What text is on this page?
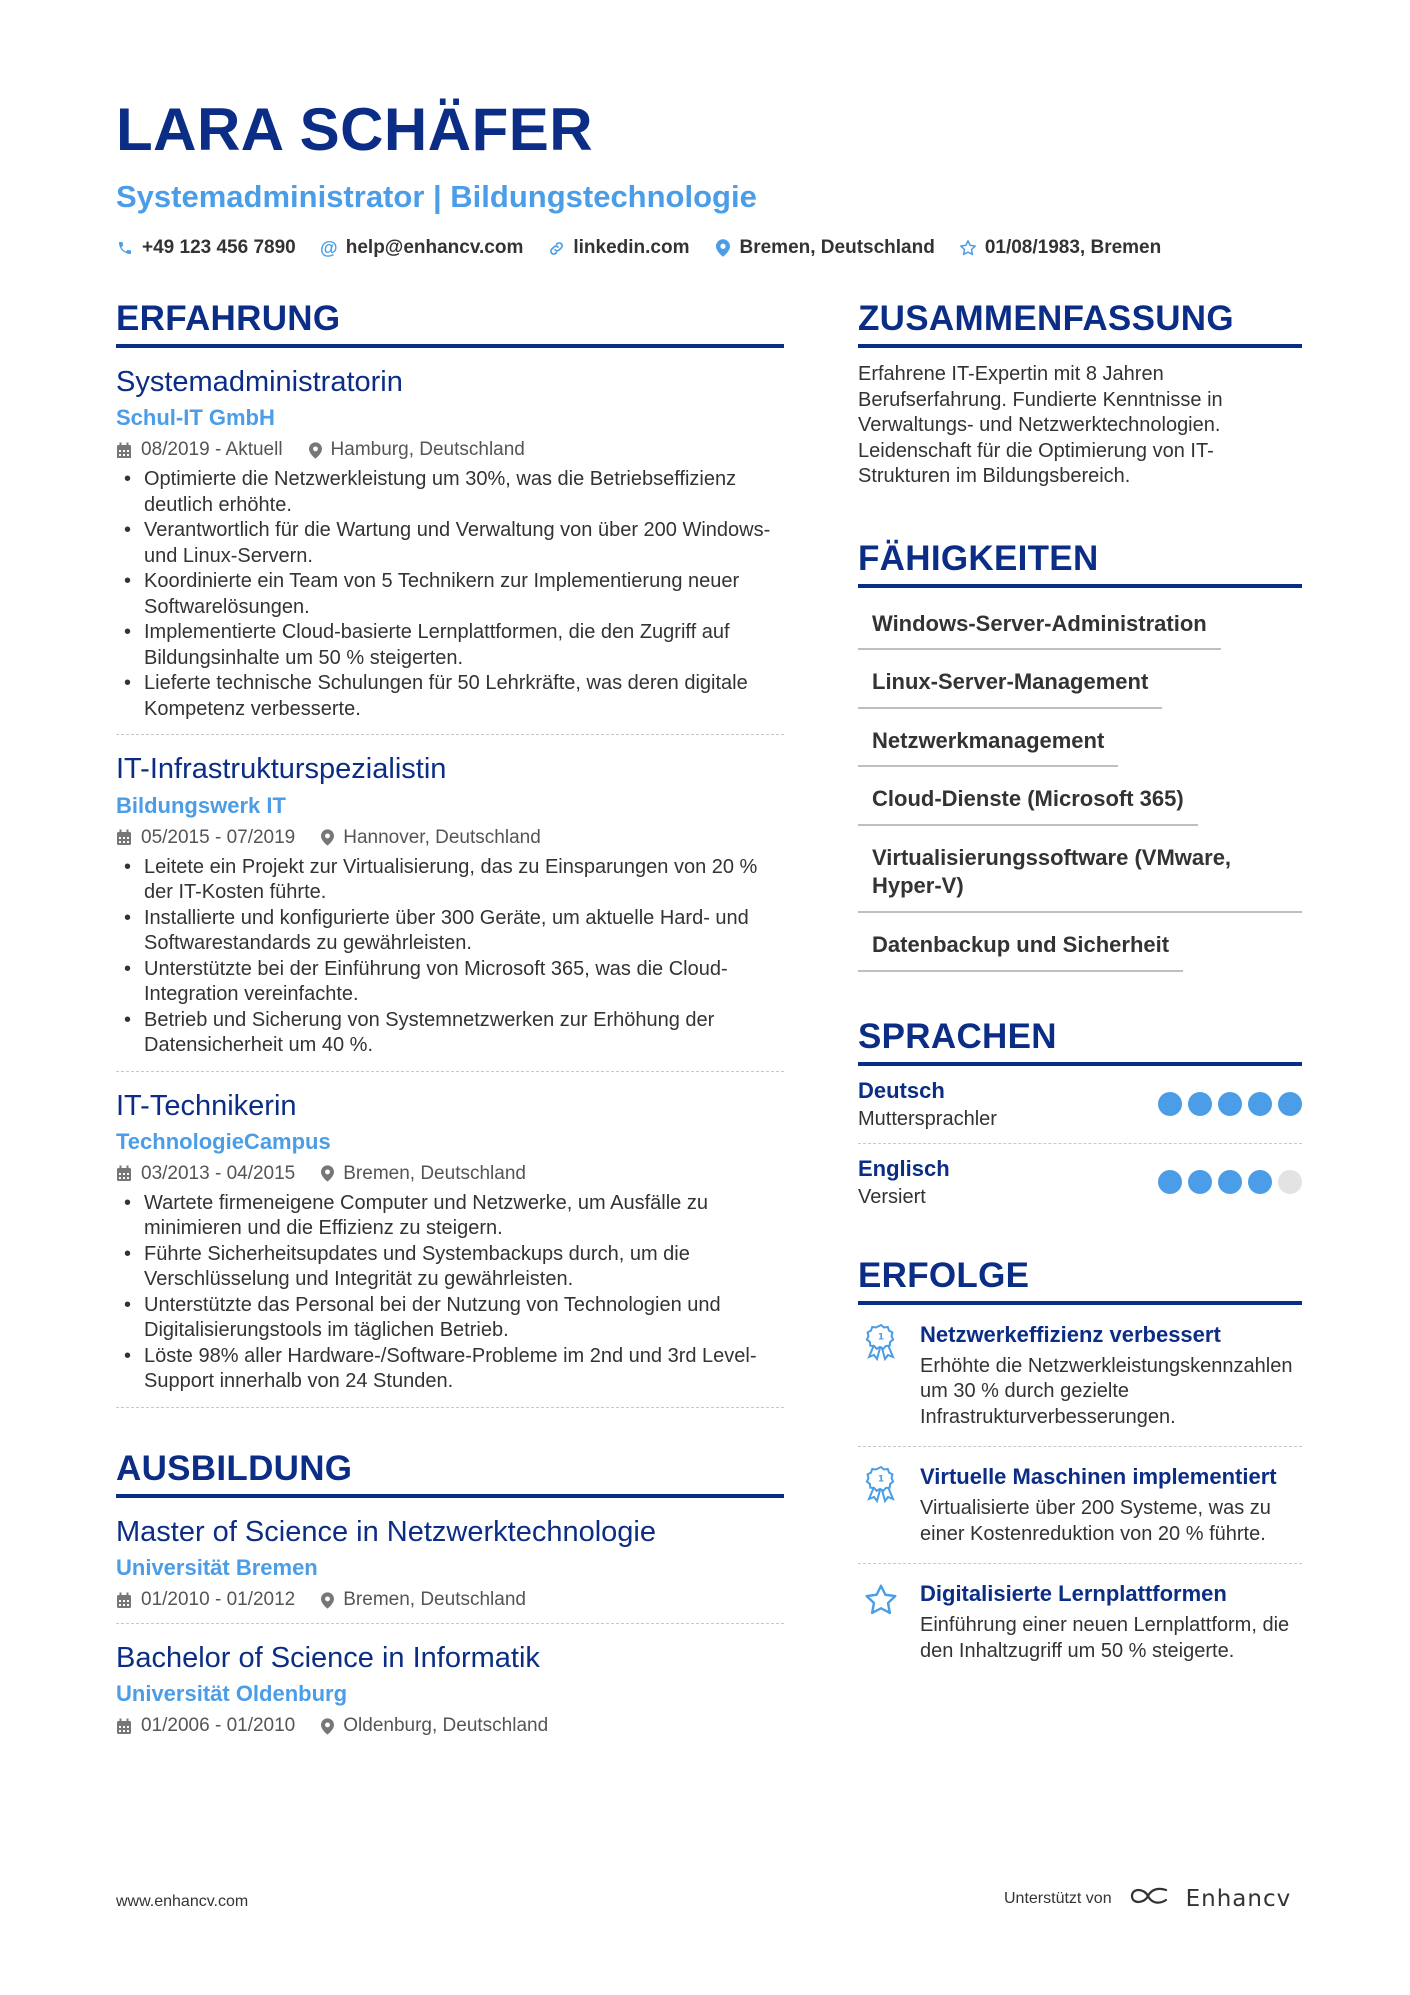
LARA SCHÄFER
Systemadministrator | Bildungstechnologie
+49 123 456 7890 @ help@enhancv.com	linkedin.com	Bremen, Deutschland	01/08/1983, Bremen
ERFAHRUNG
Systemadministratorin
Schul-IT GmbH
08/2019 - Aktuell	Hamburg, Deutschland
• Optimierte die Netzwerkleistung um 30%, was die Betriebseffizienz deutlich erhöhte.
• Verantwortlich für die Wartung und Verwaltung von über 200 Windows- und Linux-Servern.
• Koordinierte ein Team von 5 Technikern zur Implementierung neuer Softwarelösungen.
• Implementierte Cloud-basierte Lernplattformen, die den Zugriff auf Bildungsinhalte um 50 % steigerten.
• Lieferte technische Schulungen für 50 Lehrkräfte, was deren digitale Kompetenz verbesserte.
IT-Infrastrukturspezialistin
Bildungswerk IT
05/2015 - 07/2019	Hannover, Deutschland
• Leitete ein Projekt zur Virtualisierung, das zu Einsparungen von 20 % der IT-Kosten führte.
• Installierte und konfigurierte über 300 Geräte, um aktuelle Hard- und Softwarestandards zu gewährleisten.
• Unterstützte bei der Einführung von Microsoft 365, was die Cloud-Integration vereinfachte.
• Betrieb und Sicherung von Systemnetzwerken zur Erhöhung der Datensicherheit um 40 %.
IT-Technikerin
TechnologieCampus
03/2013 - 04/2015	Bremen, Deutschland
• Wartete firmeneigene Computer und Netzwerke, um Ausfälle zu minimieren und die Effizienz zu steigern.
• Führte Sicherheitsupdates und Systembackups durch, um die Verschlüsselung und Integrität zu gewährleisten.
• Unterstützte das Personal bei der Nutzung von Technologien und Digitalisierungstools im täglichen Betrieb.
• Löste 98% aller Hardware-/Software-Probleme im 2nd und 3rd Level-Support innerhalb von 24 Stunden.
AUSBILDUNG
Master of Science in Netzwerktechnologie
Universität Bremen
01/2010 - 01/2012	Bremen, Deutschland
Bachelor of Science in Informatik
Universität Oldenburg
01/2006 - 01/2010	Oldenburg, Deutschland
ZUSAMMENFASSUNG
Erfahrene IT-Expertin mit 8 Jahren Berufserfahrung. Fundierte Kenntnisse in Verwaltungs- und Netzwerktechnologien. Leidenschaft für die Optimierung von IT-Strukturen im Bildungsbereich.
FÄHIGKEITEN
Windows-Server-Administration
Linux-Server-Management
Netzwerkmanagement
Cloud-Dienste (Microsoft 365)
Virtualisierungssoftware (VMware, Hyper-V)
Datenbackup und Sicherheit
SPRACHEN
Deutsch
Muttersprachler
Englisch
Versiert
ERFOLGE
1 Netzwerkeffizienz verbessert
Erhöhte die Netzwerkleistungskennzahlen um 30 % durch gezielte Infrastrukturverbesserungen.
1 Virtuelle Maschinen implementiert
Virtualisierte über 200 Systeme, was zu einer Kostenreduktion von 20 % führte.
Digitalisierte Lernplattformen
Einführung einer neuen Lernplattform, die den Inhaltzugriff um 50 % steigerte.
www.enhancv.com	Unterstützt von	Enhancv
